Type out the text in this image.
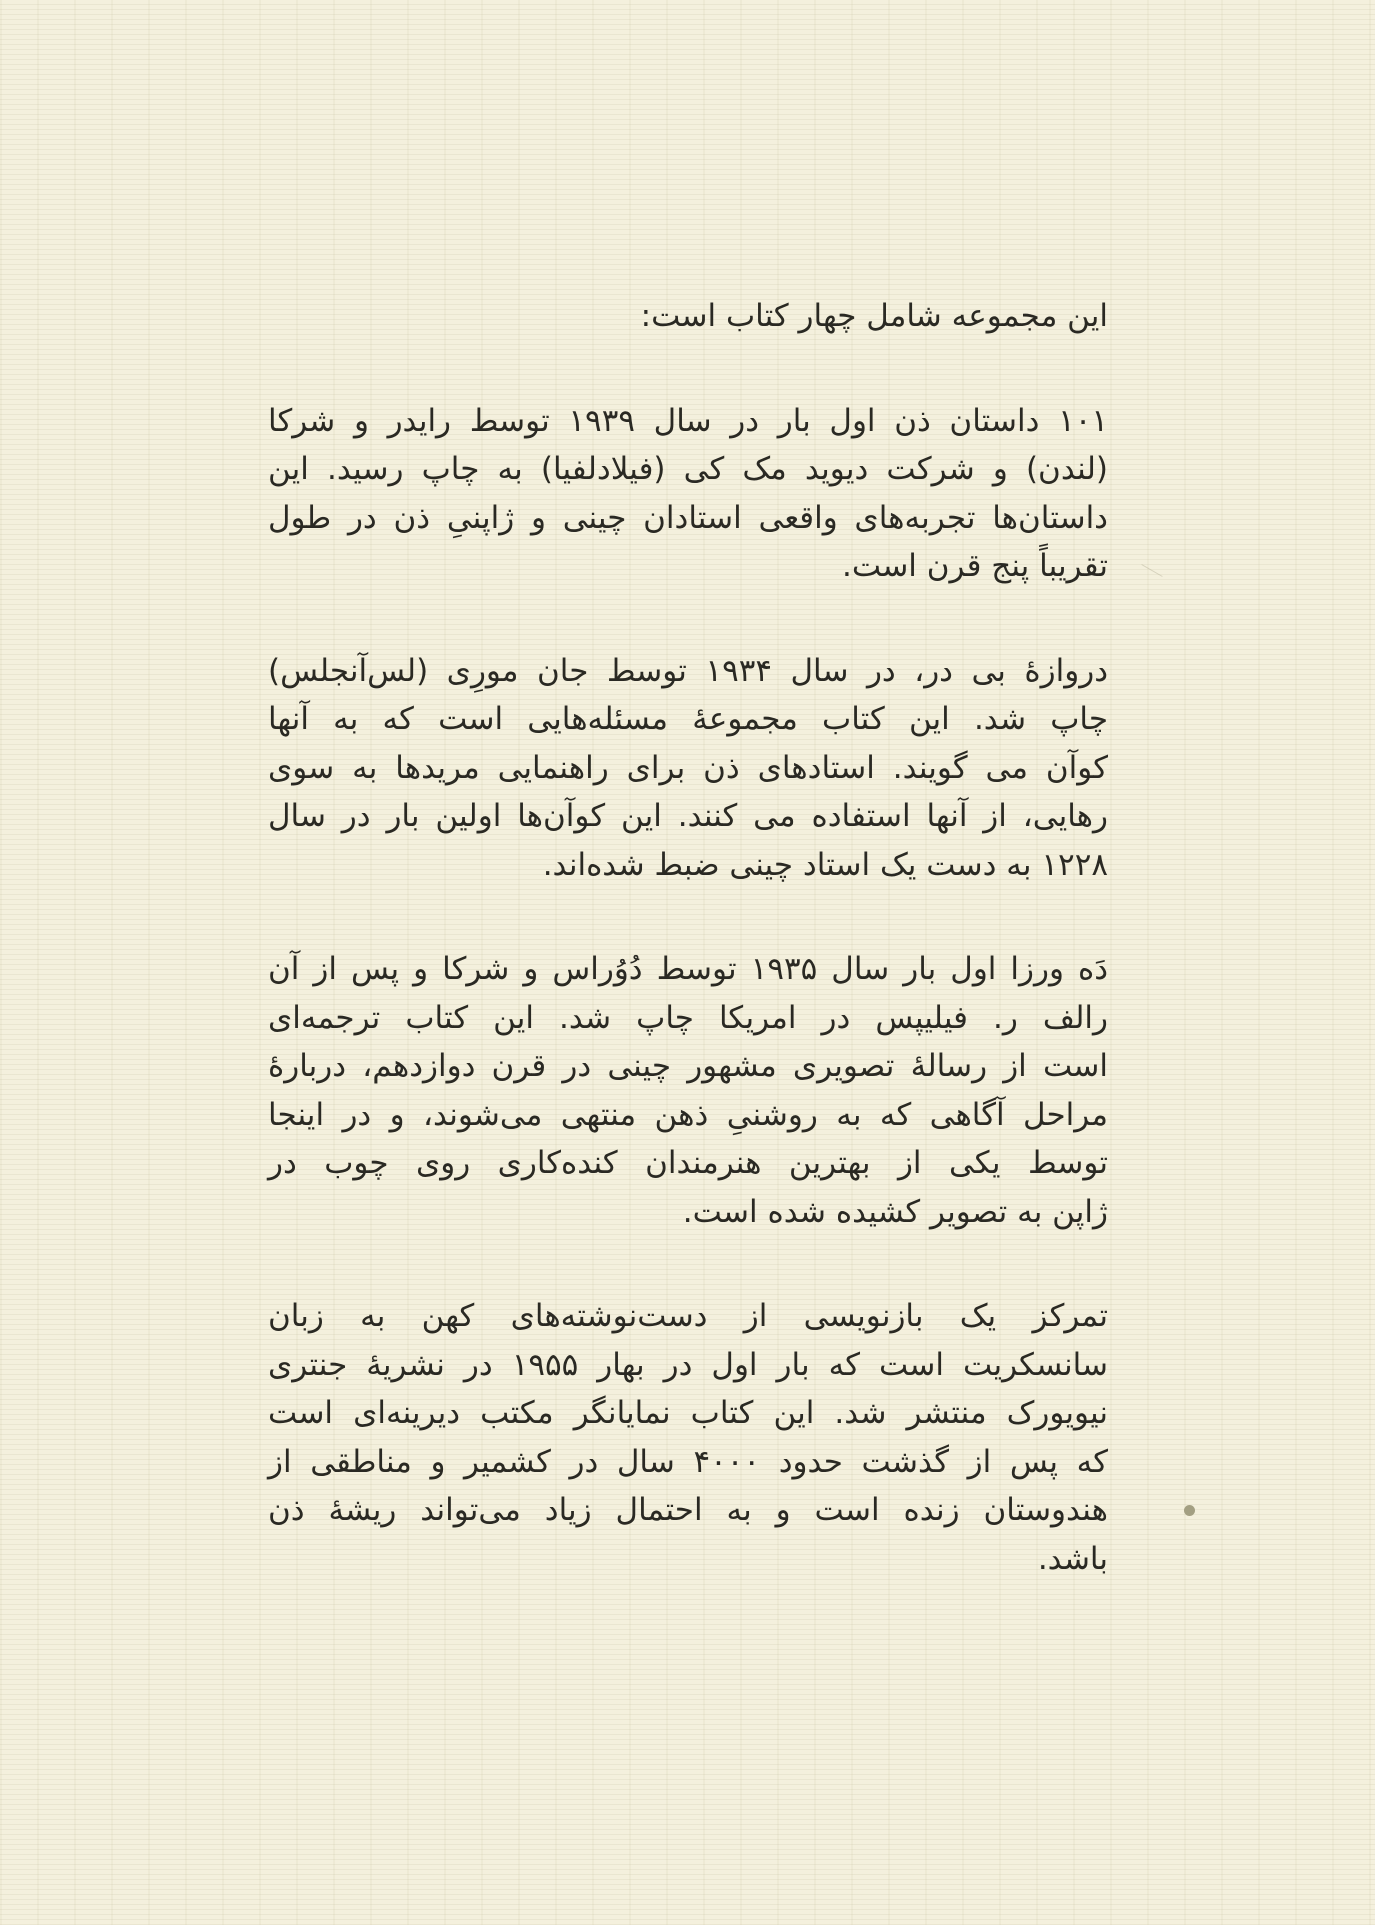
این مجموعه شامل چهار کتاب است:

۱۰۱ داستان ذن اول بار در سال ۱۹۳۹ توسط رایدر و شرکا
(لندن) و شرکت دیوید مک کی (فیلادلفیا) به چاپ رسید. این
داستان‌ها تجربه‌های واقعی استادان چینی و ژاپنیِ ذن در طول
تقریباً پنج قرن است.
دروازهٔ بی در، در سال ۱۹۳۴ توسط جان مورِی (لس‌آنجلس)
چاپ شد. این کتاب مجموعهٔ مسئله‌هایی است که به آنها
کوآن می گویند. استادهای ذن برای راهنمایی مریدها به سوی
رهایی، از آنها استفاده می کنند. این کوآن‌ها اولین بار در سال
۱۲۲۸ به دست یک استاد چینی ضبط شده‌اند.
دَه ورزا اول بار سال ۱۹۳۵ توسط دُوُراس و شرکا و پس از آن
رالف ر. فیلیپس در امریکا چاپ شد. این کتاب ترجمه‌ای
است از رسالهٔ تصویری مشهور چینی در قرن دوازدهم، دربارهٔ
مراحل آگاهی که به روشنیِ ذهن منتهی می‌شوند، و در اینجا
توسط یکی از بهترین هنرمندان کنده‌کاری روی چوب در
ژاپن به تصویر کشیده شده است.
تمرکز یک بازنویسی از دست‌نوشته‌های کهن به زبان
سانسکریت است که بار اول در بهار ۱۹۵۵ در نشریهٔ جنتری
نیویورک منتشر شد. این کتاب نمایانگر مکتب دیرینه‌ای است
که پس از گذشت حدود ۴۰۰۰ سال در کشمیر و مناطقی از
هندوستان زنده است و به احتمال زیاد می‌تواند ریشهٔ ذن
باشد.
